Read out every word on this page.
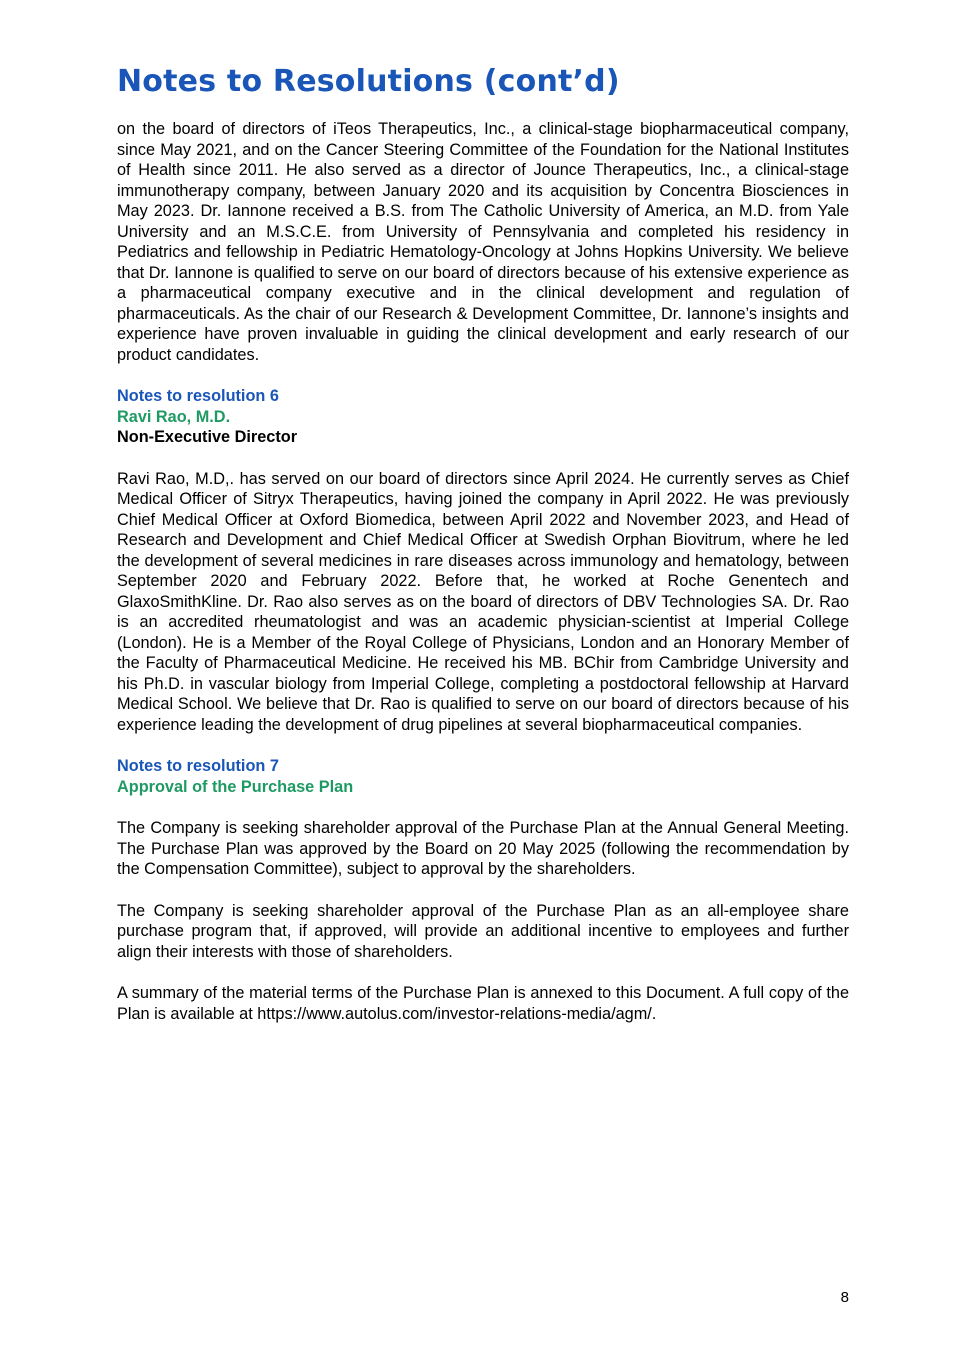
Notes to Resolutions (cont’d)

on the board of directors of iTeos Therapeutics, Inc., a clinical-stage biopharmaceutical company, since May 2021, and on the Cancer Steering Committee of the Foundation for the National Institutes of Health since 2011. He also served as a director of Jounce Therapeutics, Inc., a clinical-stage immunotherapy company, between January 2020 and its acquisition by Concentra Biosciences in May 2023. Dr. Iannone received a B.S. from The Catholic University of America, an M.D. from Yale University and an M.S.C.E. from University of Pennsylvania and completed his residency in Pediatrics and fellowship in Pediatric Hematology-Oncology at Johns Hopkins University. We believe that Dr. Iannone is qualified to serve on our board of directors because of his extensive experience as a pharmaceutical company executive and in the clinical development and regulation of pharmaceuticals. As the chair of our Research & Development Committee, Dr. Iannone’s insights and experience have proven invaluable in guiding the clinical development and early research of our product candidates.

Notes to resolution 6

Ravi Rao, M.D.

Non-Executive Director

Ravi Rao, M.D,. has served on our board of directors since April 2024. He currently serves as Chief Medical Officer of Sitryx Therapeutics, having joined the company in April 2022. He was previously Chief Medical Officer at Oxford Biomedica, between April 2022 and November 2023, and Head of Research and Development and Chief Medical Officer at Swedish Orphan Biovitrum, where he led the development of several medicines in rare diseases across immunology and hematology, between September 2020 and February 2022. Before that, he worked at Roche Genentech and GlaxoSmithKline. Dr. Rao also serves as on the board of directors of DBV Technologies SA. Dr. Rao is an accredited rheumatologist and was an academic physician-scientist at Imperial College (London). He is a Member of the Royal College of Physicians, London and an Honorary Member of the Faculty of Pharmaceutical Medicine. He received his MB. BChir from Cambridge University and his Ph.D. in vascular biology from Imperial College, completing a postdoctoral fellowship at Harvard Medical School. We believe that Dr. Rao is qualified to serve on our board of directors because of his experience leading the development of drug pipelines at several biopharmaceutical companies.

Notes to resolution 7

Approval of the Purchase Plan

The Company is seeking shareholder approval of the Purchase Plan at the Annual General Meeting. The Purchase Plan was approved by the Board on 20 May 2025 (following the recommendation by the Compensation Committee), subject to approval by the shareholders.

The Company is seeking shareholder approval of the Purchase Plan as an all-employee share purchase program that, if approved, will provide an additional incentive to employees and further align their interests with those of shareholders.

A summary of the material terms of the Purchase Plan is annexed to this Document. A full copy of the Plan is available at https://www.autolus.com/investor-relations-media/agm/.

8
